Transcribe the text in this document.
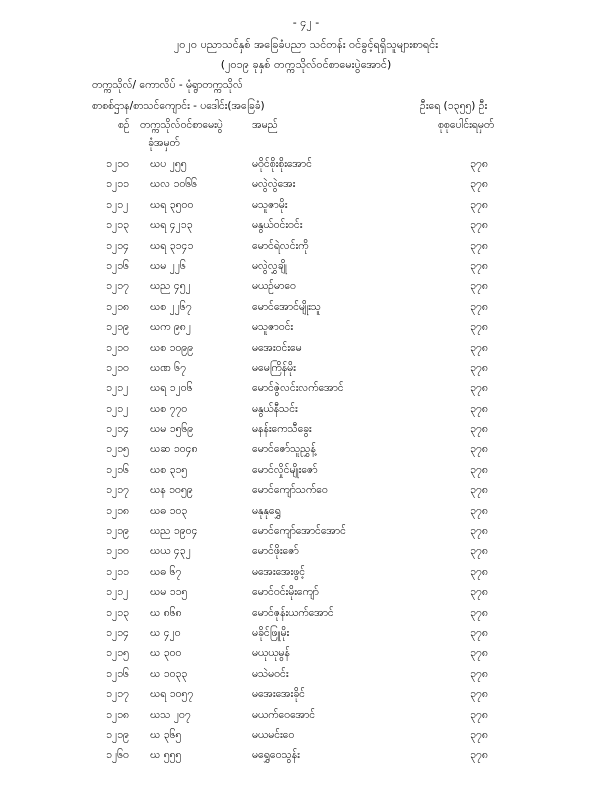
- ၄၂ -
၂၀၂၀ ပညာသင်နှစ် အခြေခံပညာ သင်တန်း ဝင်ခွင့်ရရှိသူများစာရင်း
(၂၀၁၉ ခုနှစ် တက္ကသိုလ်ဝင်စာမေးပွဲအောင်)
တက္ကသိုလ်/ ကောလိပ် - မုံရွာတက္ကသိုလ်
စာစစ်ဌာန/စာသင်ကျောင်း - ပဒေါင်း(အခြေခံ)	ဦးရေ (၁၃၅၅) ဦး
စဉ် တက္ကသိုလ်ဝင်စာမေးပွဲ
ခုံအမှတ်
အမည်	စုစုပေါင်းရမှတ်
၁၂၁၀ ဃပ ၂၅၅	မဝိုင်စိုးစိုးအောင်	၃၇၈
၁၂၁၁ ဃလ ၁၀၆၆	မလွဲလွဲအေး	၃၇၈
၁၂၁၂ ဃရ ၃၅၀၀	မသူဇာမိုး	၃၇၈
၁၂၁၃ ဃရ ၄၂၁၃	မနွယ်ဝင်းဝင်း	၃၇၈
၁၂၁၄ ဃရ ၃၁၄၁	မောင်ရဲလင်းကို	၃၇၈
၁၂၁၆ ဃမ ၂၂၆	မလွဲလွှချို	၃၇၈
၁၂၁၇ ဃည ၄၅၂	မယဉ်မာဝေ	၃၇၈
၁၂၁၈ ဃစ ၂၂၆၇	မောင်အောင်မျိုးသူ	၃၇၈
၁၂၁၉ ဃက ၉၈၂	မသူဇာဝင်း	၃၇၈
၁၂၁၀ ဃစ ၁၀၉၉	မအေးဝင်းမေ	၃၇၈
၁၂၁၀ ဃဏ ၆၇	မမေကြိန်မိုး	၃၇၈
၁၂၁၂ ဃရ ၁၂၀၆	မောင်ဇွဲလင်းလက်အောင်	၃၇၈
၁၂၁၂ ဃစ ၇၇၀	မနွယ်နီသင်း	၃၇၈
၁၂၁၄ ဃမ ၁၅၆၉	မနန်းကေသီခွေး	၃၇၈
၁၂၁၅ ဃဆ ၁၀၄၈	မောင်ဇော်သူညွှန့်	၃၇၈
၁၂၁၆ ဃစ ၃၁၅	မောင်လှိုင်မျိုးဇော်	၃၇၈
၁၂၁၇ ဃန ၁၀၅၉	မောင်ကျော်သက်ဝေ	၃၇၈
၁၂၁၈ ဃဓ ၁၀၃	မနုနုရွှေ	၃၇၈
၁၂၁၉ ဃည ၁၉၀၄	မောင်ကျော်အောင်အောင်	၃၇၈
၁၂၁၀ ဃယ ၄၃၂	မောင်ဖိုးဇော်	၃၇၈
၁၂၁၁ ဃဓ ၆၇	မအေးအေးဖွင့်	၃၇၈
၁၂၁၂ ဃမ ၁၁၅	မောင်ဝင်းမိုးကျော်	၃၇၈
၁၂၁၃ ဃ ၈၆၈	မောင်ဇုန်းယက်အောင်	၃၇၈
၁၂၁၄ ဃ ၄၂၀	မခိုင်ဖြူမိုး	၃၇၈
၁၂၁၅ ဃ ၃၀၀	မယုယုမွန်	၃၇၈
၁၂၁၆ ဃ ၁၀၃၃	မသဲမဝင်း	၃၇၈
၁၂၁၇ ဃရ ၁၀၅၇	မအေးအေးခိုင်	၃၇၈
၁၂၁၈ ဃသ ၂၀၇	မယက်ဝေအောင်	၃၇၈
၁၂၁၉ ဃ ၃၆၅	မယမင်းဝေ	၃၇၈
၁၂၆၀ ဃ ၅၅၅	မရွှေဝေသွန်း	၃၇၈
